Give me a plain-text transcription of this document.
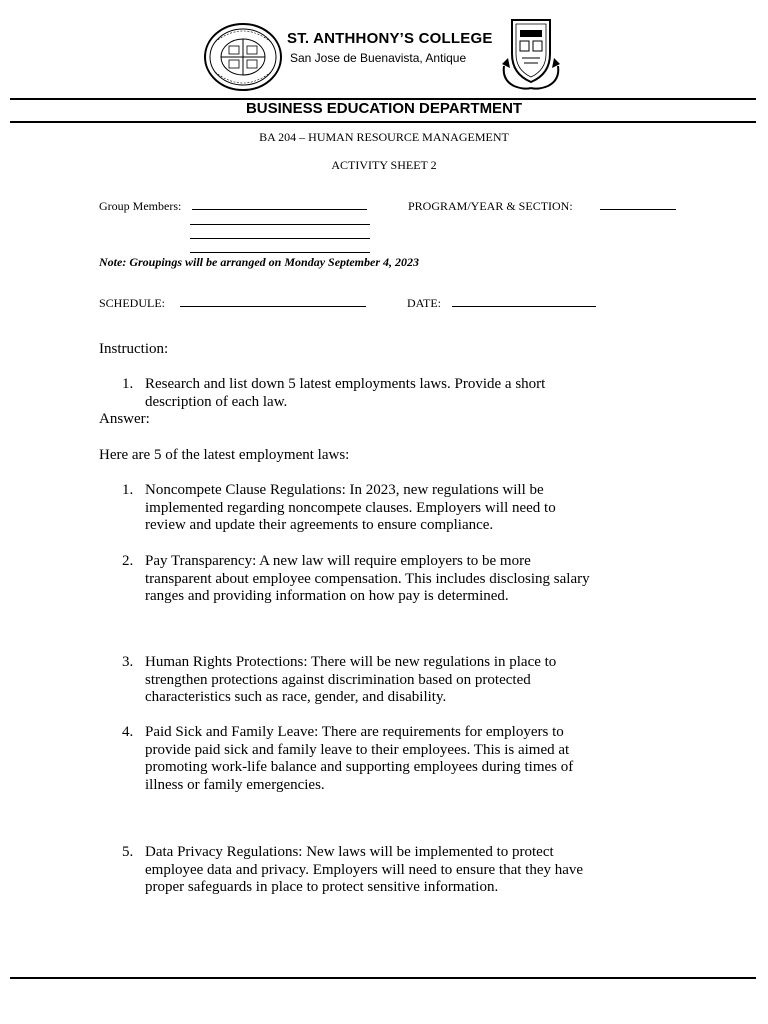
ST. ANTHHONY’S COLLEGE
San Jose de Buenavista, Antique
BUSINESS EDUCATION DEPARTMENT
BA 204 – HUMAN RESOURCE MANAGEMENT
ACTIVITY SHEET 2
Group Members:	PROGRAM/YEAR & SECTION:
Note: Groupings will be arranged on Monday September 4, 2023
SCHEDULE:	DATE:
Instruction:
1. Research and list down 5 latest employments laws. Provide a short
description of each law.
Answer:
Here are 5 of the latest employment laws:
1. Noncompete Clause Regulations: In 2023, new regulations will be
implemented regarding noncompete clauses. Employers will need to
review and update their agreements to ensure compliance.
2. Pay Transparency: A new law will require employers to be more
transparent about employee compensation. This includes disclosing salary
ranges and providing information on how pay is determined.
3. Human Rights Protections: There will be new regulations in place to
strengthen protections against discrimination based on protected
characteristics such as race, gender, and disability.
4. Paid Sick and Family Leave: There are requirements for employers to
provide paid sick and family leave to their employees. This is aimed at
promoting work-life balance and supporting employees during times of
illness or family emergencies.
5. Data Privacy Regulations: New laws will be implemented to protect
employee data and privacy. Employers will need to ensure that they have
proper safeguards in place to protect sensitive information.
